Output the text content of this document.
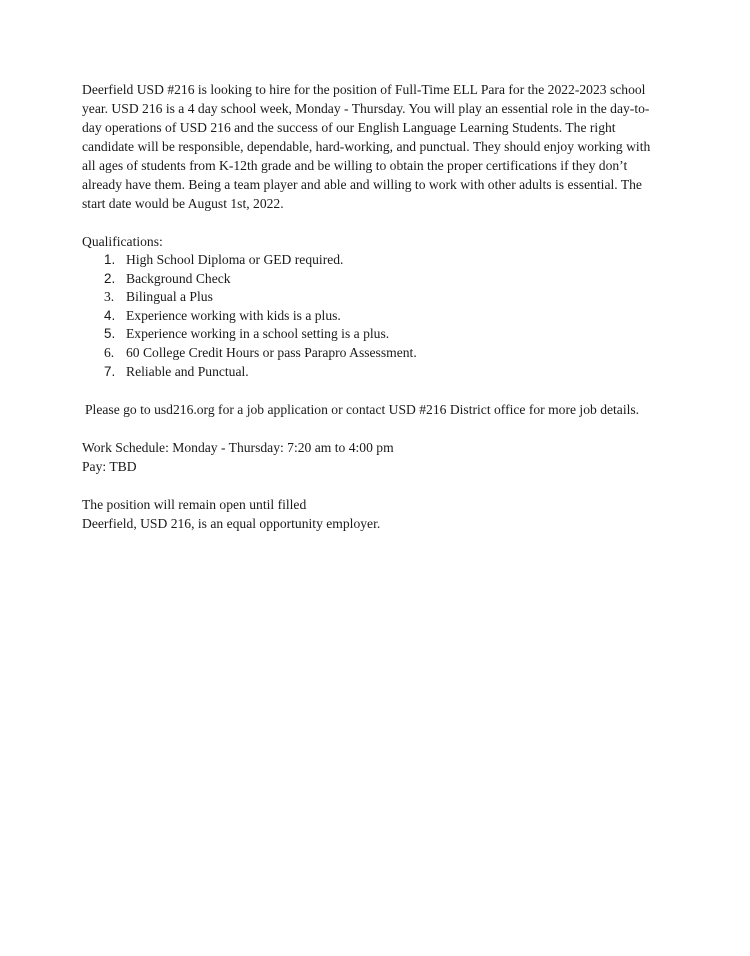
Deerfield USD #216 is looking to hire for the position of Full-Time ELL Para for the 2022-2023 school year. USD 216 is a 4 day school week, Monday - Thursday. You will play an essential role in the day-to-day operations of USD 216 and the success of our English Language Learning Students. The right candidate will be responsible, dependable, hard-working, and punctual. They should enjoy working with all ages of students from K-12th grade and be willing to obtain the proper certifications if they don’t already have them. Being a team player and able and willing to work with other adults is essential. The start date would be August 1st, 2022.

Qualifications:

1. High School Diploma or GED required.
2. Background Check
3. Bilingual a Plus
4. Experience working with kids is a plus.
5. Experience working in a school setting is a plus.
6. 60 College Credit Hours or pass Parapro Assessment.
7. Reliable and Punctual.

Please go to usd216.org for a job application or contact USD #216 District office for more job details.

Work Schedule: Monday - Thursday: 7:20 am to 4:00 pm

Pay: TBD

The position will remain open until filled

Deerfield, USD 216, is an equal opportunity employer.
